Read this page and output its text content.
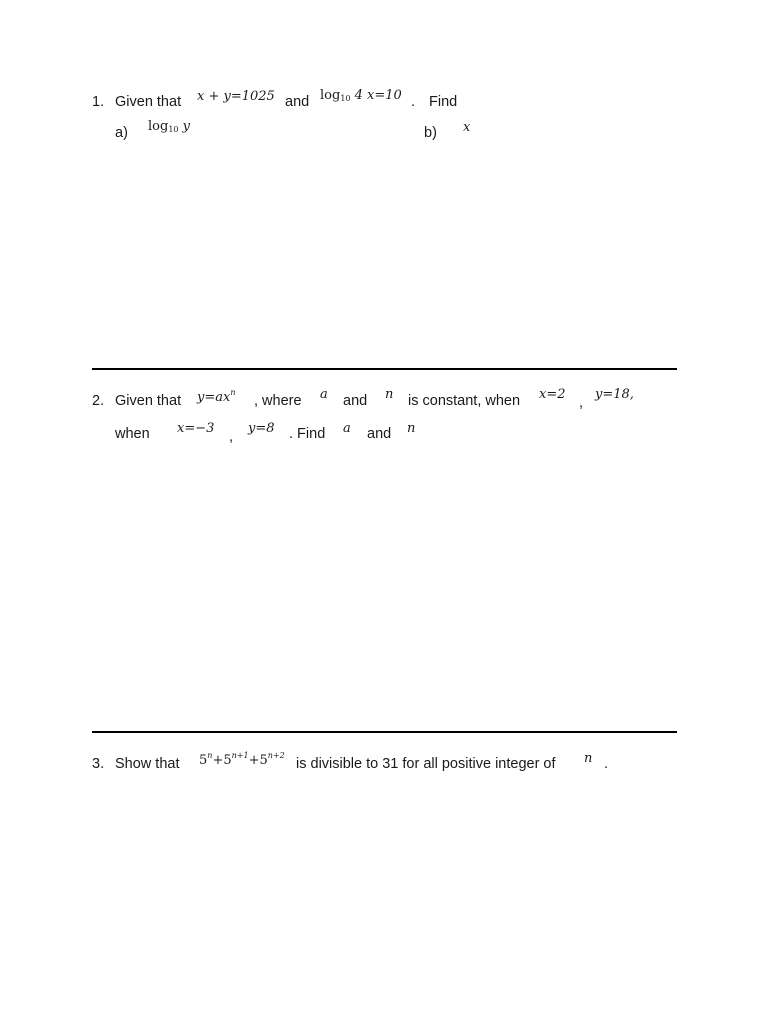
1. Given that x + y=1025 and $\log_{10} 4$ x=10 . Find
a) $\log_{10} y$	b) x
2. Given that $y=ax^n$
, where a and n is constant, when x=2
,
y=18,
when x=−3
,
y=8 . Find a and n
3. Show that $5^n+5^{n+1}+5^{n+2}$
is divisible to 31 for all positive integer of n .
